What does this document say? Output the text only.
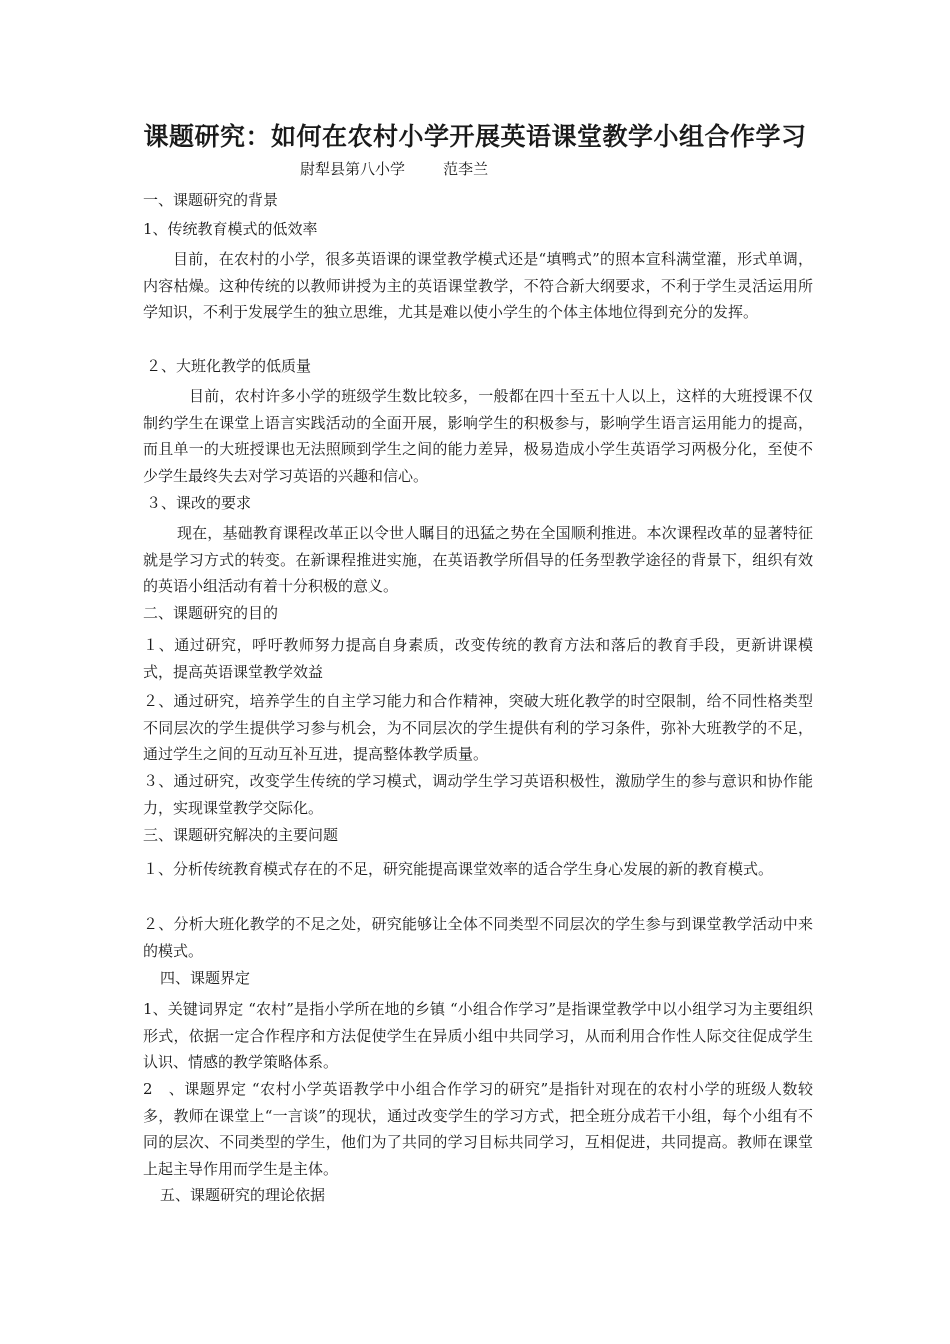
课题研究：如何在农村小学开展英语课堂教学小组合作学习
尉犁县第八小学        范李兰
一、课题研究的背景
1、传统教育模式的低效率
目前，在农村的小学，很多英语课的课堂教学模式还是“填鸭式”的照本宣科满堂灌，形式单调，内容枯燥。这种传统的以教师讲授为主的英语课堂教学，不符合新大纲要求，不利于学生灵活运用所学知识，不利于发展学生的独立思维，尤其是难以使小学生的个体主体地位得到充分的发挥。
２、大班化教学的低质量
目前，农村许多小学的班级学生数比较多，一般都在四十至五十人以上，这样的大班授课不仅制约学生在课堂上语言实践活动的全面开展，影响学生的积极参与，影响学生语言运用能力的提高，而且单一的大班授课也无法照顾到学生之间的能力差异，极易造成小学生英语学习两极分化，至使不少学生最终失去对学习英语的兴趣和信心。
３、课改的要求
现在，基础教育课程改革正以令世人瞩目的迅猛之势在全国顺利推进。本次课程改革的显著特征就是学习方式的转变。在新课程推进实施，在英语教学所倡导的任务型教学途径的背景下，组织有效的英语小组活动有着十分积极的意义。
二、课题研究的目的
１、通过研究，呼吁教师努力提高自身素质，改变传统的教育方法和落后的教育手段，更新讲课模式，提高英语课堂教学效益
２、通过研究，培养学生的自主学习能力和合作精神，突破大班化教学的时空限制，给不同性格类型不同层次的学生提供学习参与机会，为不同层次的学生提供有利的学习条件，弥补大班教学的不足，通过学生之间的互动互补互进，提高整体教学质量。
３、通过研究，改变学生传统的学习模式，调动学生学习英语积极性，激励学生的参与意识和协作能力，实现课堂教学交际化。
三、课题研究解决的主要问题
１、分析传统教育模式存在的不足，研究能提高课堂效率的适合学生身心发展的新的教育模式。
２、分析大班化教学的不足之处，研究能够让全体不同类型不同层次的学生参与到课堂教学活动中来的模式。
四、课题界定
1、关键词界定 “农村”是指小学所在地的乡镇 “小组合作学习”是指课堂教学中以小组学习为主要组织形式，依据一定合作程序和方法促使学生在异质小组中共同学习，从而利用合作性人际交往促成学生认识、情感的教学策略体系。
2　、课题界定 “农村小学英语教学中小组合作学习的研究”是指针对现在的农村小学的班级人数较多，教师在课堂上“一言谈”的现状，通过改变学生的学习方式，把全班分成若干小组，每个小组有不同的层次、不同类型的学生，他们为了共同的学习目标共同学习，互相促进，共同提高。教师在课堂上起主导作用而学生是主体。
五、课题研究的理论依据
